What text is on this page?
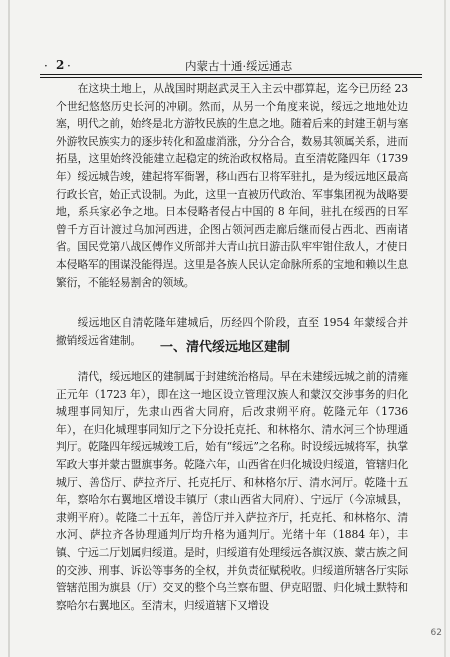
· 2 ·	内蒙古十通·绥远通志

在这块土地上，从战国时期赵武灵王入主云中郡算起，迄今已历经 23 个世纪悠悠历史长河的冲刷。然而，从另一个角度来说，绥远之地地处边塞，明代之前，始终是北方游牧民族的生息之地。随着后来的封建王朝与塞外游牧民族实力的逐步转化和盈虚消涨，分分合合，数易其领属关系，进而拓垦，这里始终没能建立起稳定的统治政权格局。直至清乾隆四年（1739 年）绥远城告竣，建起将军衙署，移山西右卫将军驻扎，是为绥远地区最高行政长官，始正式设制。为此，这里一直被历代政治、军事集团视为战略要地，系兵家必争之地。日本侵略者侵占中国的 8 年间，驻扎在绥西的日军曾千方百计渡过乌加河西进，企图占领河西走廊后继而侵占西北、西南诸省。国民党第八战区傅作义所部并大青山抗日游击队牢牢钳住敌人，才使日本侵略军的围谋没能得逞。这里是各族人民认定命脉所系的宝地和赖以生息繁衍，不能轻易割舍的领域。

绥远地区自清乾隆年建城后，历经四个阶段，直至 1954 年蒙绥合并撤销绥远省建制。	一、清代绥远地区建制

清代，绥远地区的建制属于封建统治格局。早在未建绥远城之前的清雍正元年（1723 年），即在这一地区设立管理汉族人和蒙汉交涉事务的归化城理事同知厅，先隶山西省大同府，后改隶朔平府。乾隆元年（1736 年），在归化城理事同知厅之下分设托克托、和林格尔、清水河三个协理通判厅。乾隆四年绥远城竣工后，始有“绥远”之名称。时设绥远城将军，执掌军政大事并蒙古盟旗事务。乾隆六年，山西省在归化城设归绥道，管辖归化城厅、善岱厅、萨拉齐厅、托克托厅、和林格尔厅、清水河厅。乾隆十五年，察哈尔右翼地区增设丰镇厅（隶山西省大同府）、宁远厅（今凉城县，隶朔平府）。乾隆二十五年，善岱厅并入萨拉齐厅，托克托、和林格尔、清水河、萨拉齐各协理通判厅均升格为通判厅。光绪十年（1884 年），丰镇、宁远二厅划属归绥道。是时，归绥道有处理绥远各旗汉族、蒙古族之间的交涉、刑事、诉讼等事务的全权，并负责征赋税收。归绥道所辖各厅实际管辖范围为旗县（厅）交叉的整个乌兰察布盟、伊克昭盟、归化城土默特和察哈尔右翼地区。至清末，归绥道辖下又增设

62
